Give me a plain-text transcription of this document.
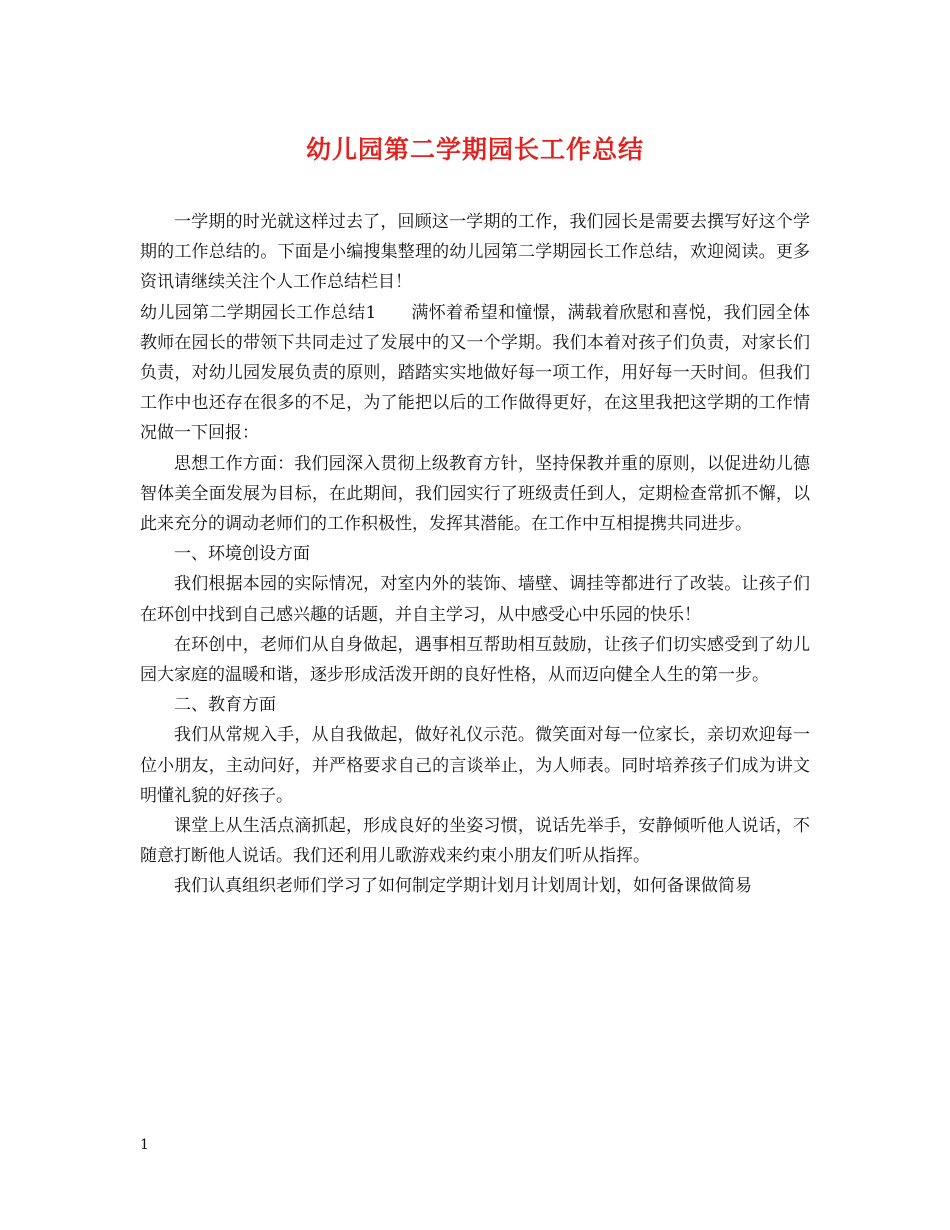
幼儿园第二学期园长工作总结

一学期的时光就这样过去了，回顾这一学期的工作，我们园长是需要去撰写好这个学期的工作总结的。下面是小编搜集整理的幼儿园第二学期园长工作总结，欢迎阅读。更多资讯请继续关注个人工作总结栏目！

幼儿园第二学期园长工作总结1　　满怀着希望和憧憬，满载着欣慰和喜悦，我们园全体教师在园长的带领下共同走过了发展中的又一个学期。我们本着对孩子们负责，对家长们负责，对幼儿园发展负责的原则，踏踏实实地做好每一项工作，用好每一天时间。但我们工作中也还存在很多的不足，为了能把以后的工作做得更好，在这里我把这学期的工作情况做一下回报：

思想工作方面：我们园深入贯彻上级教育方针，坚持保教并重的原则，以促进幼儿德智体美全面发展为目标，在此期间，我们园实行了班级责任到人，定期检查常抓不懈，以此来充分的调动老师们的工作积极性，发挥其潜能。在工作中互相提携共同进步。

一、环境创设方面

我们根据本园的实际情况，对室内外的装饰、墙壁、调挂等都进行了改装。让孩子们在环创中找到自己感兴趣的话题，并自主学习，从中感受心中乐园的快乐！

在环创中，老师们从自身做起，遇事相互帮助相互鼓励，让孩子们切实感受到了幼儿园大家庭的温暖和谐，逐步形成活泼开朗的良好性格，从而迈向健全人生的第一步。

二、教育方面

我们从常规入手，从自我做起，做好礼仪示范。微笑面对每一位家长，亲切欢迎每一位小朋友，主动问好，并严格要求自己的言谈举止，为人师表。同时培养孩子们成为讲文明懂礼貌的好孩子。

课堂上从生活点滴抓起，形成良好的坐姿习惯，说话先举手，安静倾听他人说话，不随意打断他人说话。我们还利用儿歌游戏来约束小朋友们听从指挥。

我们认真组织老师们学习了如何制定学期计划月计划周计划，如何备课做简易

1
